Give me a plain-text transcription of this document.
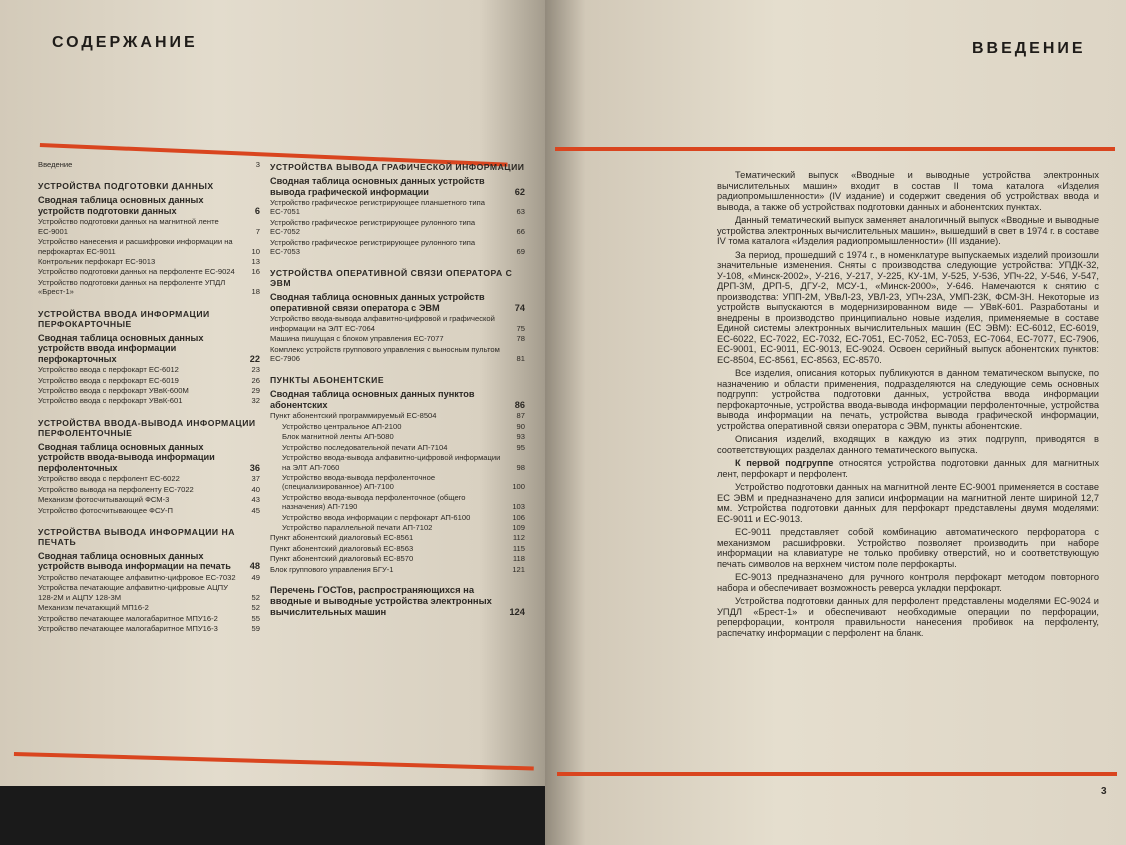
СОДЕРЖАНИЕ
Введение	3
УСТРОЙСТВА ПОДГОТОВКИ ДАННЫХ
Сводная таблица основных данных устройств подготовки данных	6
Устройство подготовки данных на магнитной ленте ЕС-9001	7
Устройство нанесения и расшифровки информации на перфокартах ЕС-9011	10
Контрольник перфокарт ЕС-9013	13
Устройство подготовки данных на перфоленте ЕС-9024	16
Устройство подготовки данных на перфоленте УПДЛ «Брест-1»	18
УСТРОЙСТВА ВВОДА ИНФОРМАЦИИ ПЕРФОКАРТОЧНЫЕ
Сводная таблица основных данных устройств ввода информации перфокарточных	22
Устройство ввода с перфокарт ЕС-6012	23
Устройство ввода с перфокарт ЕС-6019	26
Устройство ввода с перфокарт УВвК-600М	29
Устройство ввода с перфокарт УВвК-601	32
УСТРОЙСТВА ВВОДА-ВЫВОДА ИНФОРМАЦИИ ПЕРФОЛЕНТОЧНЫЕ
Сводная таблица основных данных устройств ввода-вывода информации перфоленточных	36
Устройство ввода с перфолент ЕС-6022	37
Устройство вывода на перфоленту ЕС-7022	40
Механизм фотосчитывающий ФСМ-3	43
Устройство фотосчитывающее ФСУ-П	45
УСТРОЙСТВА ВЫВОДА ИНФОРМАЦИИ НА ПЕЧАТЬ
Сводная таблица основных данных устройств вывода информации на печать	48
Устройство печатающее алфавитно-цифровое ЕС-7032	49
Устройства печатающие алфавитно-цифровые АЦПУ 128-2М и АЦПУ 128-3М	52
Механизм печатающий МП16-2	52
Устройство печатающее малогабаритное МПУ16-2	55
Устройство печатающее малогабаритное МПУ16-3	59
УСТРОЙСТВА ВЫВОДА ГРАФИЧЕСКОЙ ИНФОРМАЦИИ
Сводная таблица основных данных устройств вывода графической информации	62
Устройство графическое регистрирующее планшетного типа ЕС-7051	63
Устройство графическое регистрирующее рулонного типа ЕС-7052	66
Устройство графическое регистрирующее рулонного типа ЕС-7053	69
УСТРОЙСТВА ОПЕРАТИВНОЙ СВЯЗИ ОПЕРАТОРА С ЭВМ
Сводная таблица основных данных устройств оперативной связи оператора с ЭВМ	74
Устройство ввода-вывода алфавитно-цифровой и графической информации на ЭЛТ ЕС-7064	75
Машина пишущая с блоком управления ЕС-7077	78
Комплекс устройств группового управления с выносным пультом ЕС-7906	81
ПУНКТЫ АБОНЕНТСКИЕ
Сводная таблица основных данных пунктов абонентских	86
Пункт абонентский программируемый ЕС-8504	87
Устройство центральное АП-2100	90
Блок магнитной ленты АП-5080	93
Устройство последовательной печати АП-7104	95
Устройство ввода-вывода алфавитно-цифровой информации на ЭЛТ АП-7060	98
Устройство ввода-вывода перфоленточное (специализированное) АП-7100	100
Устройство ввода-вывода перфоленточное (общего назначения) АП-7190	103
Устройство ввода информации с перфокарт АП-6100	106
Устройство параллельной печати АП-7102	109
Пункт абонентский диалоговый ЕС-8561	112
Пункт абонентский диалоговый ЕС-8563	115
Пункт абонентский диалоговый ЕС-8570	118
Блок группового управления БГУ-1	121
Перечень ГОСТов, распространяющихся на вводные и выводные устройства электронных вычислительных машин	124
ВВЕДЕНИЕ

Тематический выпуск «Вводные и выводные устройства электронных вычислительных машин» входит в состав II тома каталога «Изделия радиопромышленности» (IV издание) и содержит сведения об устройствах ввода и вывода, а также об устройствах подготовки данных и абонентских пунктах.

Данный тематический выпуск заменяет аналогичный выпуск «Вводные и выводные устройства электронных вычислительных машин», вышедший в свет в 1974 г. в составе IV тома каталога «Изделия радиопромышленности» (III издание).

За период, прошедший с 1974 г., в номенклатуре выпускаемых изделий произошли значительные изменения. Сняты с производства следующие устройства: УПДК-32, У-108, «Минск-2002», У-216, У-217, У-225, КУ-1М, У-525, У-536, УПч-22, У-546, У-547, ДРП-3М, ДРП-5, ДГУ-2, МСУ-1, «Минск-2000», У-646. Намечаются к снятию с производства: УПП-2М, УВвЛ-23, УВЛ-23, УПч-23А, УМП-23К, ФСМ-3Н. Некоторые из устройств выпускаются в модернизированном виде — УВвК-601. Разработаны и внедрены в производство принципиально новые изделия, применяемые в составе Единой системы электронных вычислительных машин (ЕС ЭВМ): ЕС-6012, ЕС-6019, ЕС-6022, ЕС-7022, ЕС-7032, ЕС-7051, ЕС-7052, ЕС-7053, ЕС-7064, ЕС-7077, ЕС-7906, ЕС-9001, ЕС-9011, ЕС-9013, ЕС-9024. Освоен серийный выпуск абонентских пунктов: ЕС-8504, ЕС-8561, ЕС-8563, ЕС-8570.

Все изделия, описания которых публикуются в данном тематическом выпуске, по назначению и области применения, подразделяются на следующие семь основных подгрупп: устройства подготовки данных, устройства ввода информации перфокарточные, устройства ввода-вывода информации перфоленточные, устройства вывода информации на печать, устройства вывода графической информации, устройства оперативной связи оператора с ЭВМ, пункты абонентские.

Описания изделий, входящих в каждую из этих подгрупп, приводятся в соответствующих разделах данного тематического выпуска.

К первой подгруппе относятся устройства подготовки данных для магнитных лент, перфокарт и перфолент.

Устройство подготовки данных на магнитной ленте ЕС-9001 применяется в составе ЕС ЭВМ и предназначено для записи информации на магнитной ленте шириной 12,7 мм. Устройства подготовки данных для перфокарт представлены двумя моделями: ЕС-9011 и ЕС-9013.

ЕС-9011 представляет собой комбинацию автоматического перфоратора с механизмом расшифровки. Устройство позволяет производить при наборе информации на клавиатуре не только пробивку отверстий, но и соответствующую печать символов на верхнем чистом поле перфокарты.

ЕС-9013 предназначено для ручного контроля перфокарт методом повторного набора и обеспечивает возможность реверса укладки перфокарт.

Устройства подготовки данных для перфолент представлены моделями ЕС-9024 и УПДЛ «Брест-1» и обеспечивают необходимые операции по перфорации, реперфорации, контроля правильности нанесения пробивок на перфоленту, распечатку информации с перфолент на бланк.

3
